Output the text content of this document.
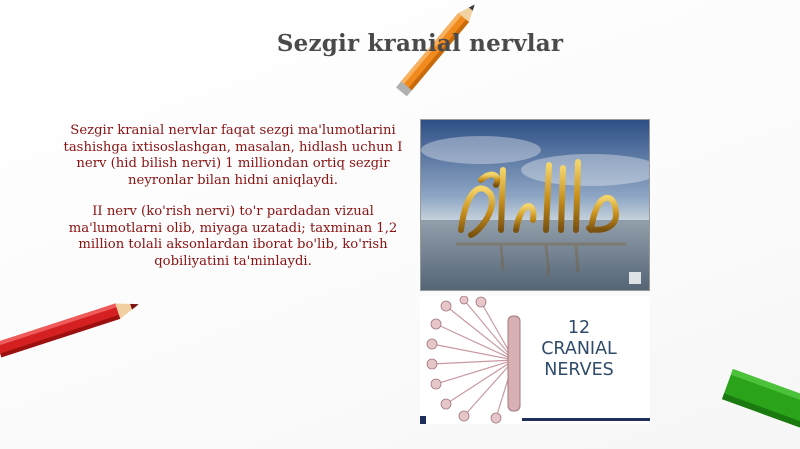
Sezgir kranial nervlar

Sezgir kranial nervlar faqat sezgi ma'lumotlarini tashishga ixtisoslashgan, masalan, hidlash uchun I nerv (hid bilish nervi) 1 milliondan ortiq sezgir neyronlar bilan hidni aniqlaydi.

II nerv (ko'rish nervi) to'r pardadan vizual ma'lumotlarni olib, miyaga uzatadi; taxminan 1,2 million tolali aksonlardan iborat bo'lib, ko'rish qobiliyatini ta'minlaydi.

12
CRANIAL
NERVES
